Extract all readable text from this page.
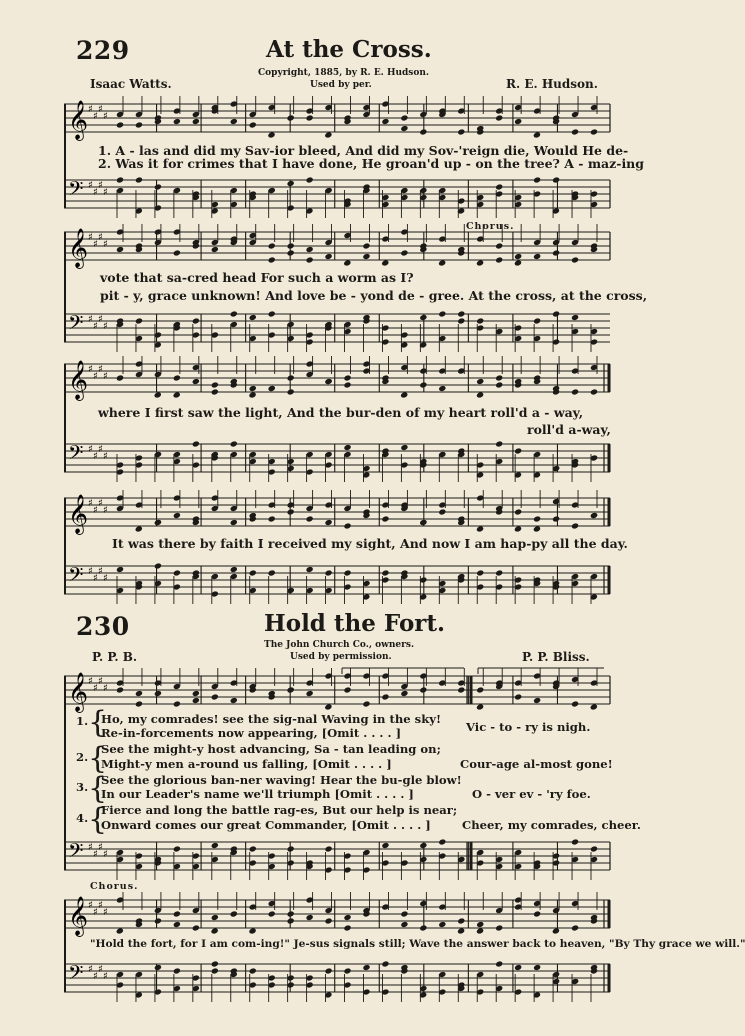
229	At the Cross.
Copyright, 1885, by R. E. Hudson.
Used by per.
Isaac Watts.	R. E. Hudson.
𝄞 ♯
♯
♯
♯
𝄢 ♯
♯
♯
♯
1. A - las and did my Sav-ior bleed, And did my Sov-'reign die, Would He de-
2. Was it for crimes that I have done, He groan'd up - on the tree? A - maz-ing
Chorus.
𝄞 ♯
♯
♯
♯
𝄢 ♯
♯
♯
♯
vote that sa-cred head For such a worm as I?
pit - y, grace unknown! And love be - yond de - gree. At the cross, at the cross,
𝄞 ♯
♯
♯
♯
𝄢 ♯
♯
♯
♯
where I first saw the light, And the bur-den of my heart roll'd a - way,
roll'd a-way,
𝄞 ♯
♯
♯
♯
𝄢 ♯
♯
♯
♯
It was there by faith I received my sight, And now I am hap-py all the day.
230	Hold the Fort.
The John Church Co., owners.
Used by permission.
P. P. B.	P. P. Bliss.
𝄞 ♯
♯
♯
♯
𝄢 ♯
♯
♯
♯
1. {
Ho, my comrades! see the sig-nal Waving in the sky!
Re-in-forcements now appearing, [Omit . . . . ]	Vic - to - ry is nigh.
2. {
See the might-y host advancing, Sa - tan leading on;
Might-y men a-round us falling, [Omit . . . . ]	Cour-age al-most gone!
3. {
See the glorious ban-ner waving! Hear the bu-gle blow!
In our Leader's name we'll triumph [Omit . . . . ]	O - ver ev - 'ry foe.
4. {
Fierce and long the battle rag-es, But our help is near;
Onward comes our great Commander, [Omit . . . . ]	Cheer, my comrades, cheer.
Chorus.
𝄞 ♯
♯
♯
♯
𝄢 ♯
♯
♯
♯
"Hold the fort, for I am com-ing!" Je-sus signals still; Wave the answer back to heaven, "By Thy grace we will."
